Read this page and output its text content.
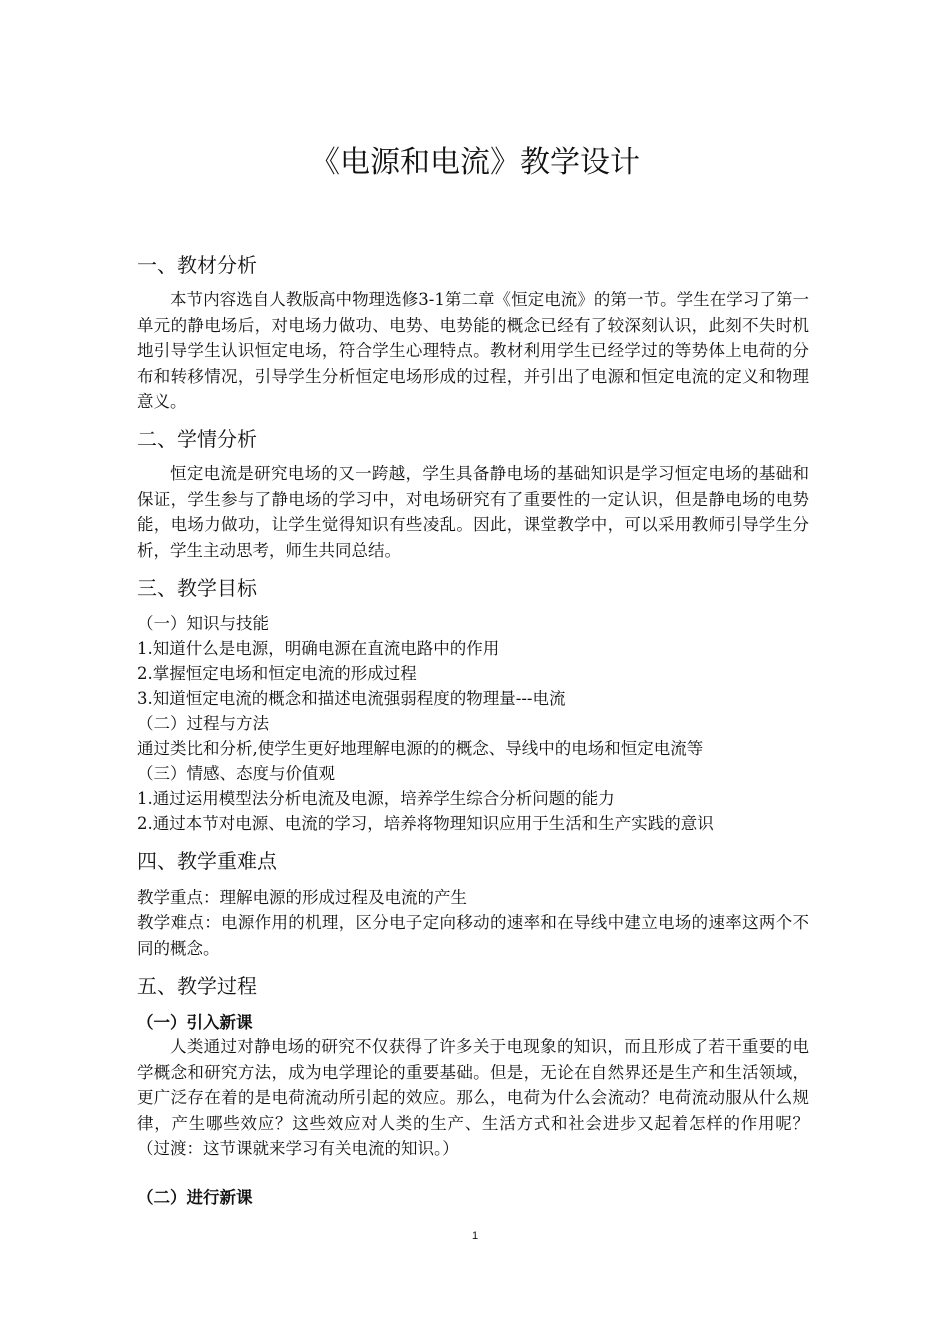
《电源和电流》教学设计
一、教材分析

本节内容选自人教版高中物理选修3-1第二章《恒定电流》的第一节。学生在学习了第一单元的静电场后，对电场力做功、电势、电势能的概念已经有了较深刻认识，此刻不失时机地引导学生认识恒定电场，符合学生心理特点。教材利用学生已经学过的等势体上电荷的分布和转移情况，引导学生分析恒定电场形成的过程，并引出了电源和恒定电流的定义和物理意义。

二、学情分析

恒定电流是研究电场的又一跨越，学生具备静电场的基础知识是学习恒定电场的基础和保证，学生参与了静电场的学习中，对电场研究有了重要性的一定认识，但是静电场的电势能，电场力做功，让学生觉得知识有些凌乱。因此，课堂教学中，可以采用教师引导学生分析，学生主动思考，师生共同总结。

三、教学目标
（一）知识与技能
1.知道什么是电源，明确电源在直流电路中的作用
2.掌握恒定电场和恒定电流的形成过程
3.知道恒定电流的概念和描述电流强弱程度的物理量---电流
（二）过程与方法
通过类比和分析,使学生更好地理解电源的的概念、导线中的电场和恒定电流等
（三）情感、态度与价值观
1.通过运用模型法分析电流及电源，培养学生综合分析问题的能力
2.通过本节对电源、电流的学习，培养将物理知识应用于生活和生产实践的意识
四、教学重难点
教学重点：理解电源的形成过程及电流的产生

教学难点：电源作用的机理，区分电子定向移动的速率和在导线中建立电场的速率这两个不同的概念。

五、教学过程
（一）引入新课

人类通过对静电场的研究不仅获得了许多关于电现象的知识，而且形成了若干重要的电学概念和研究方法，成为电学理论的重要基础。但是，无论在自然界还是生产和生活领域，更广泛存在着的是电荷流动所引起的效应。那么，电荷为什么会流动？电荷流动服从什么规律，产生哪些效应？这些效应对人类的生产、生活方式和社会进步又起着怎样的作用呢？（过渡：这节课就来学习有关电流的知识。）

（二）进行新课
1
